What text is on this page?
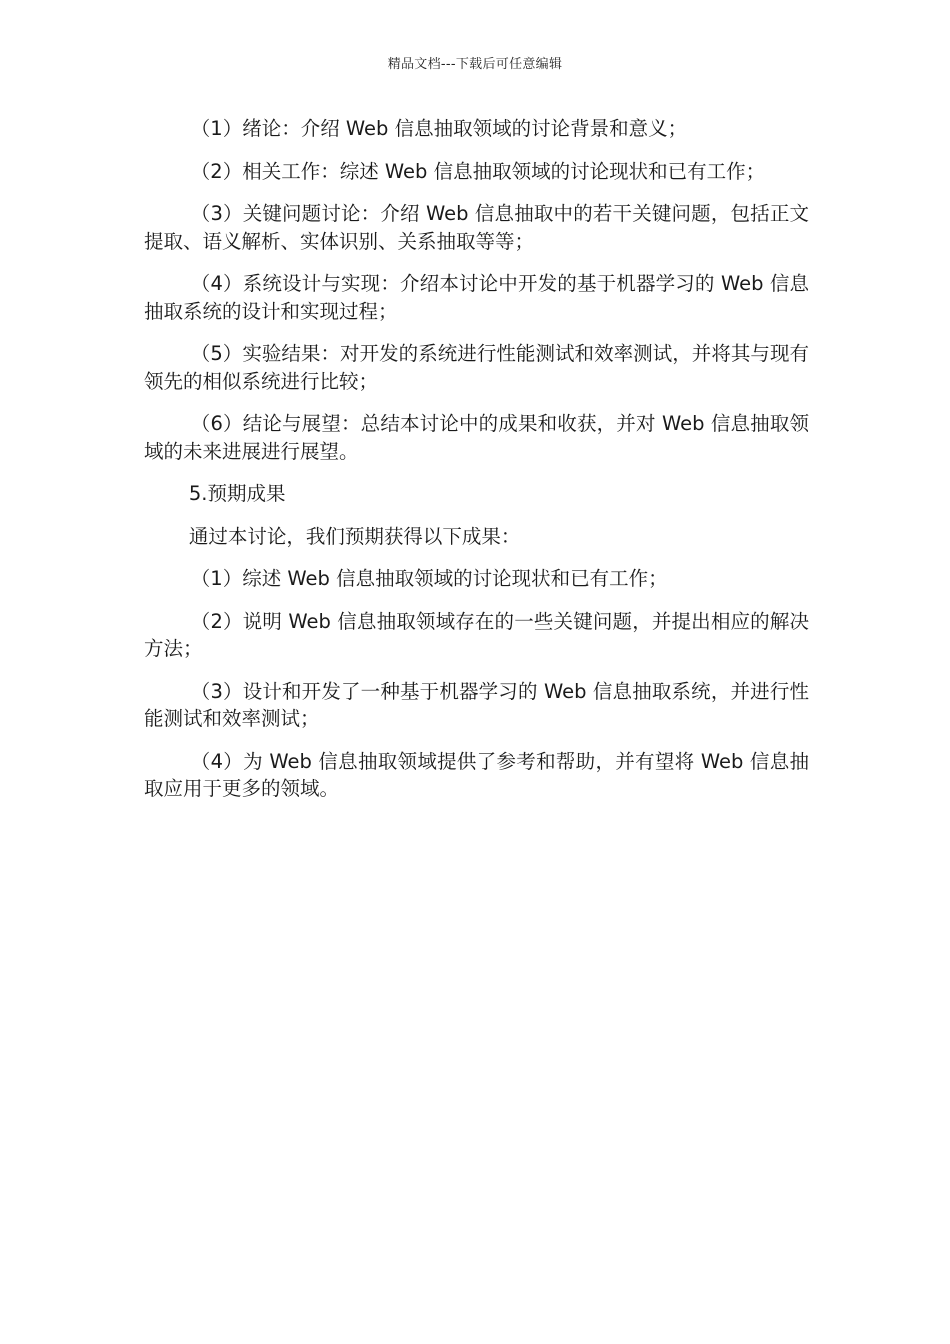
精品文档---下载后可任意编辑

（1）绪论：介绍 Web 信息抽取领域的讨论背景和意义；

（2）相关工作：综述 Web 信息抽取领域的讨论现状和已有工作；

（3）关键问题讨论：介绍 Web 信息抽取中的若干关键问题，包括正文提取、语义解析、实体识别、关系抽取等等；

（4）系统设计与实现：介绍本讨论中开发的基于机器学习的 Web 信息抽取系统的设计和实现过程；

（5）实验结果：对开发的系统进行性能测试和效率测试，并将其与现有领先的相似系统进行比较；

（6）结论与展望：总结本讨论中的成果和收获，并对 Web 信息抽取领域的未来进展进行展望。

5.预期成果

通过本讨论，我们预期获得以下成果：

（1）综述 Web 信息抽取领域的讨论现状和已有工作；

（2）说明 Web 信息抽取领域存在的一些关键问题，并提出相应的解决方法；

（3）设计和开发了一种基于机器学习的 Web 信息抽取系统，并进行性能测试和效率测试；

（4）为 Web 信息抽取领域提供了参考和帮助，并有望将 Web 信息抽取应用于更多的领域。
